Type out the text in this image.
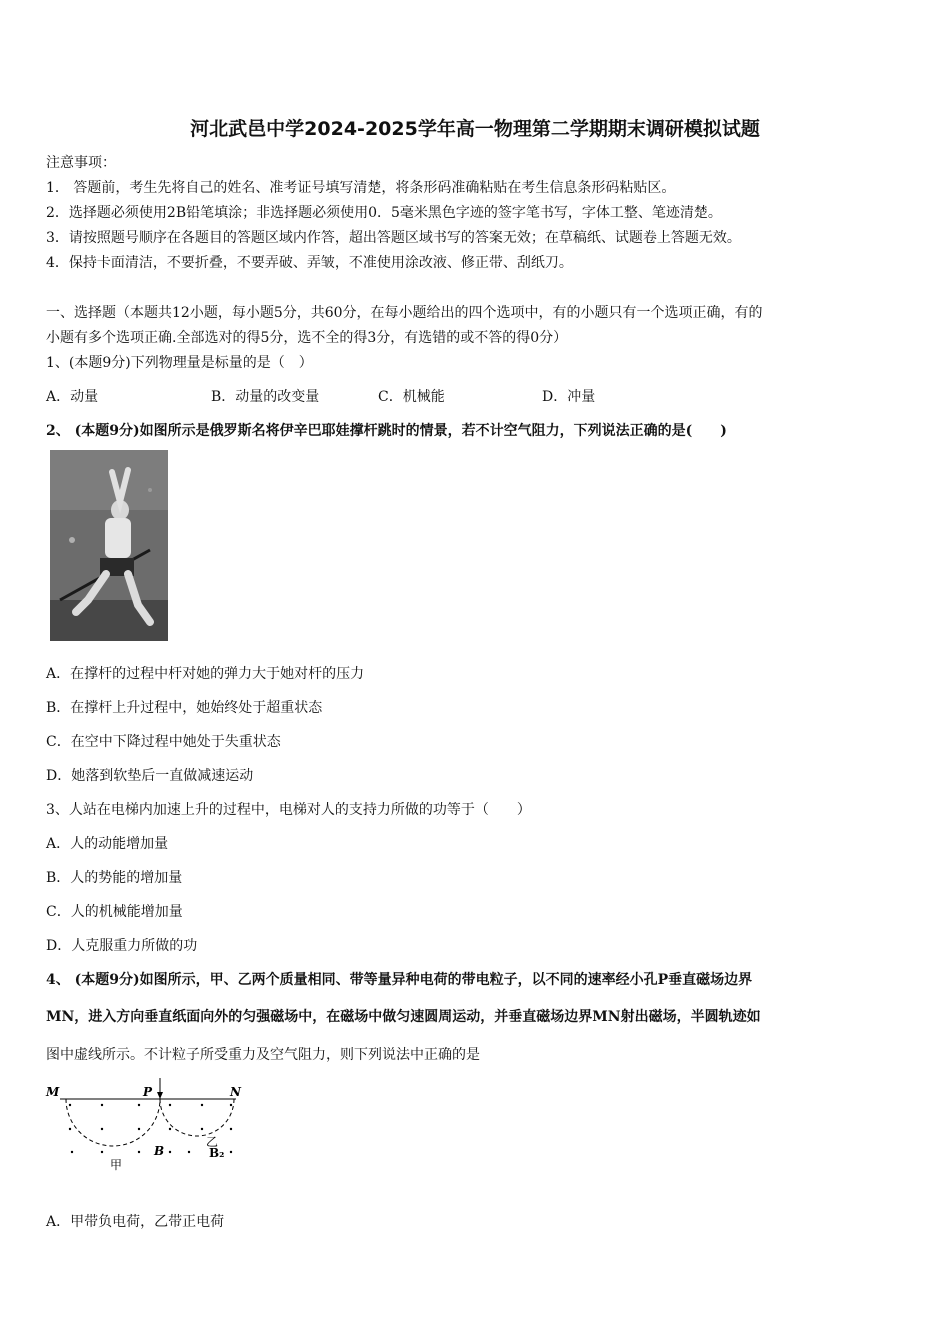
河北武邑中学2024-2025学年高一物理第二学期期末调研模拟试题
注意事项：
1． 答题前，考生先将自己的姓名、准考证号填写清楚，将条形码准确粘贴在考生信息条形码粘贴区。
2．选择题必须使用2B铅笔填涂；非选择题必须使用0．5毫米黑色字迹的签字笔书写，字体工整、笔迹清楚。
3．请按照题号顺序在各题目的答题区域内作答，超出答题区域书写的答案无效；在草稿纸、试题卷上答题无效。
4．保持卡面清洁，不要折叠，不要弄破、弄皱，不准使用涂改液、修正带、刮纸刀。
一、选择题（本题共12小题，每小题5分，共60分，在每小题给出的四个选项中，有的小题只有一个选项正确，有的
小题有多个选项正确.全部选对的得5分，选不全的得3分，有选错的或不答的得0分）
1、(本题9分)下列物理量是标量的是（　）
A．动量	B．动量的改变量	C．机械能	D．冲量
2、 (本题9分)如图所示是俄罗斯名将伊辛巴耶娃撑杆跳时的情景，若不计空气阻力，下列说法正确的是(　　)
A．在撑杆的过程中杆对她的弹力大于她对杆的压力
B．在撑杆上升过程中，她始终处于超重状态
C．在空中下降过程中她处于失重状态
D．她落到软垫后一直做减速运动
3、人站在电梯内加速上升的过程中，电梯对人的支持力所做的功等于（　　）
A．人的动能增加量
B．人的势能的增加量
C．人的机械能增加量
D．人克服重力所做的功
4、 (本题9分)如图所示，甲、乙两个质量相同、带等量异种电荷的带电粒子，以不同的速率经小孔P垂直磁场边界
MN，进入方向垂直纸面向外的匀强磁场中，在磁场中做匀速圆周运动，并垂直磁场边界MN射出磁场，半圆轨迹如
图中虚线所示。不计粒子所受重力及空气阻力，则下列说法中正确的是
M	P	N
B	B₂
乙
甲
A．甲带负电荷，乙带正电荷
